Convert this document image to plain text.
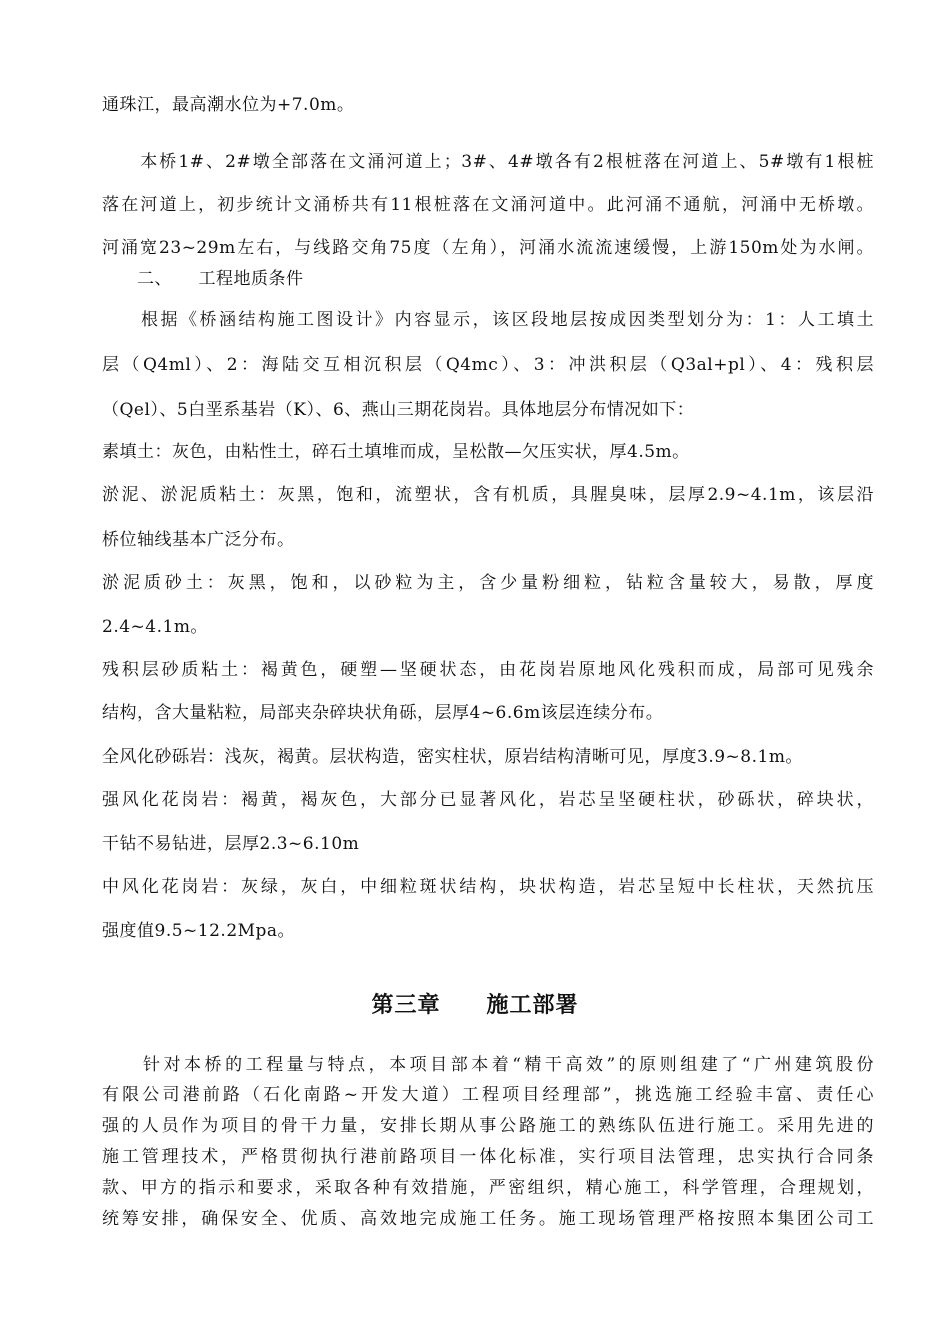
通珠江，最高潮水位为+7.0m。
　　本桥1#、2#墩全部落在文涌河道上；3#、4#墩各有2根桩落在河道上、5#墩有1根桩
落在河道上，初步统计文涌桥共有11根桩落在文涌河道中。此河涌不通航，河涌中无桥墩。
河涌宽23~29m左右，与线路交角75度（左角），河涌水流流速缓慢，上游150m处为水闸。
　　二、　　工程地质条件
　　根据《桥涵结构施工图设计》内容显示，该区段地层按成因类型划分为：1：人工填土
层（Q4ml）、2：海陆交互相沉积层（Q4mc）、3：冲洪积层（Q3al+pl）、4：残积层
（Qel）、5白垩系基岩（K）、6、燕山三期花岗岩。具体地层分布情况如下：
素填土：灰色，由粘性土，碎石土填堆而成，呈松散—欠压实状，厚4.5m。
淤泥、淤泥质粘土：灰黑，饱和，流塑状，含有机质，具腥臭味，层厚2.9~4.1m，该层沿
桥位轴线基本广泛分布。
淤泥质砂土：灰黑，饱和，以砂粒为主，含少量粉细粒，钻粒含量较大，易散，厚度
2.4~4.1m。
残积层砂质粘土：褐黄色，硬塑—坚硬状态，由花岗岩原地风化残积而成，局部可见残余
结构，含大量粘粒，局部夹杂碎块状角砾，层厚4~6.6m该层连续分布。
全风化砂砾岩：浅灰，褐黄。层状构造，密实柱状，原岩结构清晰可见，厚度3.9~8.1m。
强风化花岗岩：褐黄，褐灰色，大部分已显著风化，岩芯呈坚硬柱状，砂砾状，碎块状，
干钻不易钻进，层厚2.3~6.10m
中风化花岗岩：灰绿，灰白，中细粒斑状结构，块状构造，岩芯呈短中长柱状，天然抗压
强度值9.5~12.2Mpa。
第三章　　施工部署
　　针对本桥的工程量与特点，本项目部本着“精干高效”的原则组建了“广州建筑股份
有限公司港前路（石化南路~开发大道）工程项目经理部”，挑选施工经验丰富、责任心
强的人员作为项目的骨干力量，安排长期从事公路施工的熟练队伍进行施工。采用先进的
施工管理技术，严格贯彻执行港前路项目一体化标准，实行项目法管理，忠实执行合同条
款、甲方的指示和要求，采取各种有效措施，严密组织，精心施工，科学管理，合理规划，
统筹安排，确保安全、优质、高效地完成施工任务。施工现场管理严格按照本集团公司工
